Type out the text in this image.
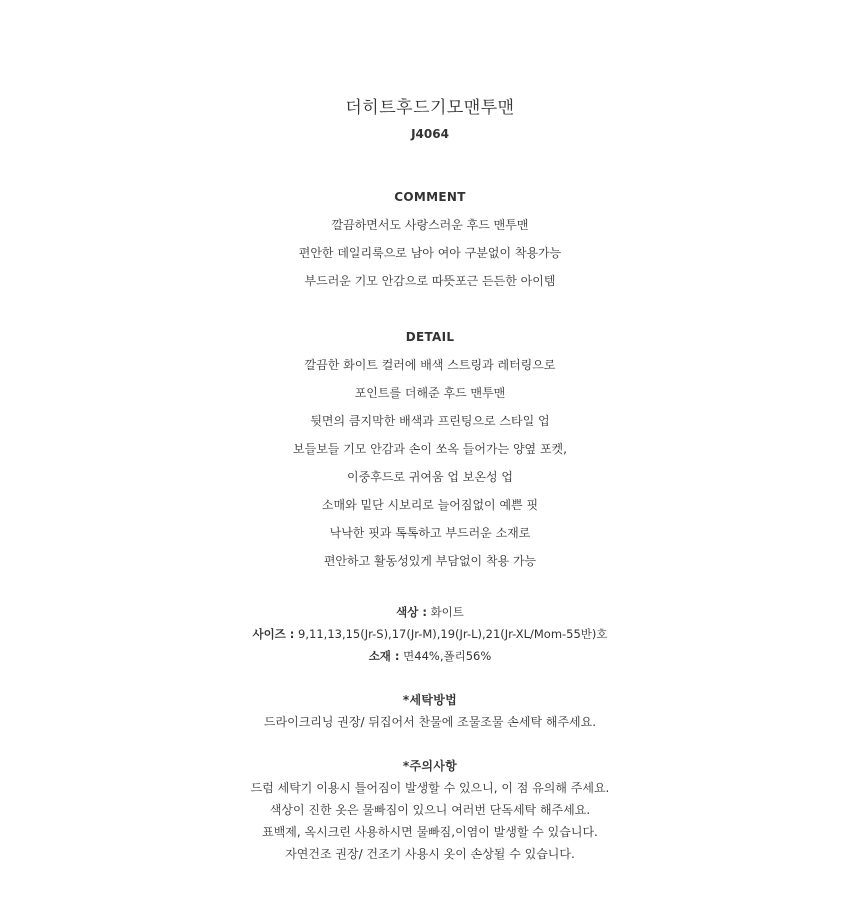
더히트후드기모맨투맨
J4064
COMMENT
깔끔하면서도 사랑스러운 후드 맨투맨
편안한 데일리룩으로 남아 여아 구분없이 착용가능
부드러운 기모 안감으로 따뜻포근 든든한 아이템
DETAIL
깔끔한 화이트 컬러에 배색 스트링과 레터링으로
포인트를 더해준 후드 맨투맨
뒷면의 큼지막한 배색과 프린팅으로 스타일 업
보들보들 기모 안감과 손이 쏘옥 들어가는 양옆 포켓,
이중후드로 귀여움 업 보온성 업
소매와 밑단 시보리로 늘어짐없이 예쁜 핏
낙낙한 핏과 톡톡하고 부드러운 소재로
편안하고 활동성있게 부담없이 착용 가능
색상 : 화이트
사이즈 : 9,11,13,15(Jr-S),17(Jr-M),19(Jr-L),21(Jr-XL/Mom-55반)호
소재 : 면44%,폴리56%
*세탁방법
드라이크리닝 권장/ 뒤집어서 찬물에 조물조물 손세탁 해주세요.
*주의사항
드럼 세탁기 이용시 틀어짐이 발생할 수 있으니, 이 점 유의해 주세요.
색상이 진한 옷은 물빠짐이 있으니 여러번 단독세탁 해주세요.
표백제, 옥시크린 사용하시면 물빠짐,이염이 발생할 수 있습니다.
자연건조 권장/ 건조기 사용시 옷이 손상될 수 있습니다.
